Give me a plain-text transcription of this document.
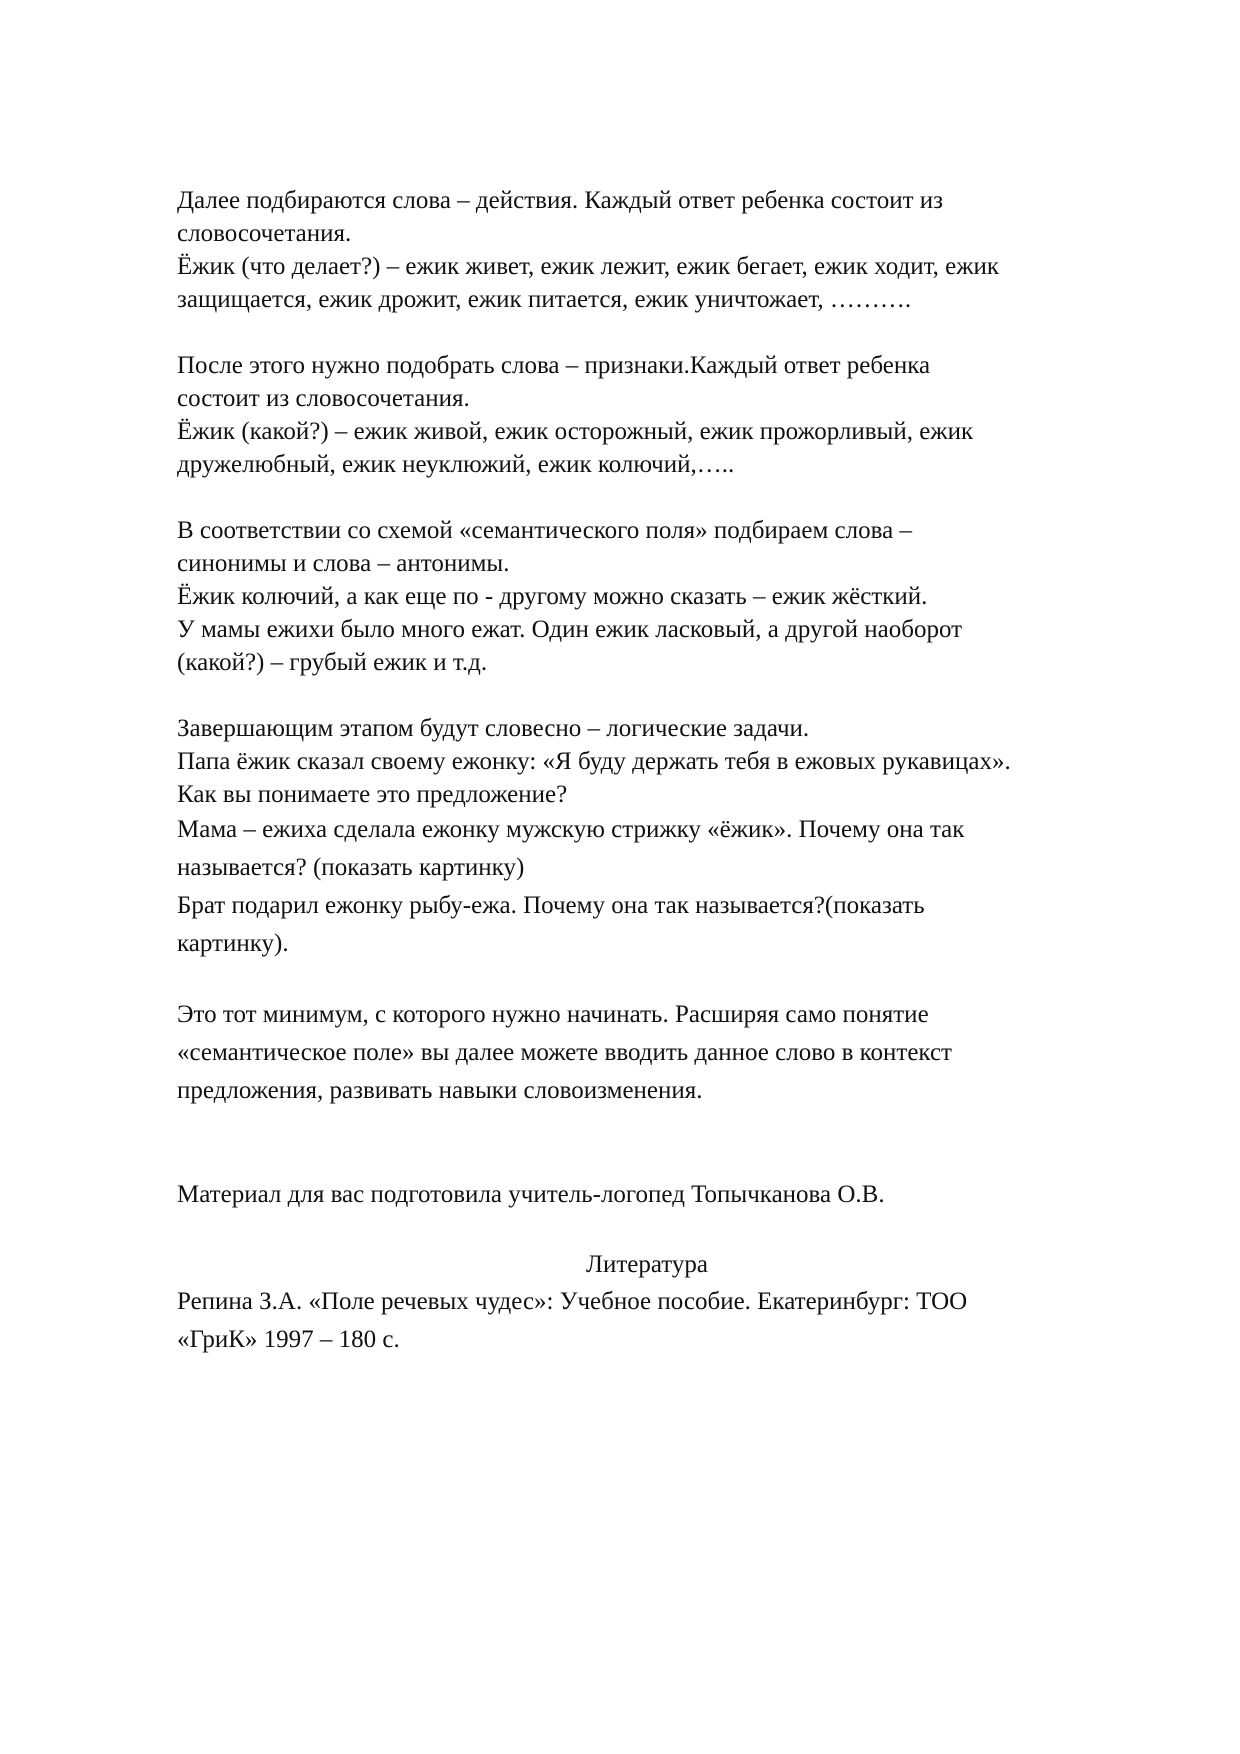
Далее подбираются слова – действия. Каждый ответ ребенка состоит из
словосочетания.
Ёжик (что делает?) – ежик живет, ежик лежит, ежик бегает, ежик ходит, ежик
защищается, ежик дрожит, ежик питается, ежик уничтожает, ……….
После этого нужно подобрать слова – признаки.Каждый ответ ребенка
состоит из словосочетания.
Ёжик (какой?) – ежик живой, ежик осторожный, ежик прожорливый, ежик
дружелюбный, ежик неуклюжий, ежик колючий,…..
В соответствии со схемой «семантического поля» подбираем слова –
синонимы и слова – антонимы.
Ёжик колючий, а как еще по - другому можно сказать – ежик жёсткий.
У мамы ежихи было много ежат. Один ежик ласковый, а другой наоборот
(какой?) – грубый ежик и т.д.
Завершающим этапом будут словесно – логические задачи.
Папа ёжик сказал своему ежонку: «Я буду держать тебя в ежовых рукавицах».
Как вы понимаете это предложение?
Мама – ежиха сделала ежонку мужскую стрижку «ёжик». Почему она так
называется? (показать картинку)
Брат подарил ежонку рыбу-ежа. Почему она так называется?(показать
картинку).
Это тот минимум, с которого нужно начинать. Расширяя само понятие
«семантическое поле» вы далее можете вводить данное слово в контекст
предложения, развивать навыки словоизменения.
Материал для вас подготовила учитель-логопед Топычканова О.В.
Литература
Репина З.А. «Поле речевых чудес»: Учебное пособие. Екатеринбург: ТОО
«ГриК» 1997 – 180 с.
